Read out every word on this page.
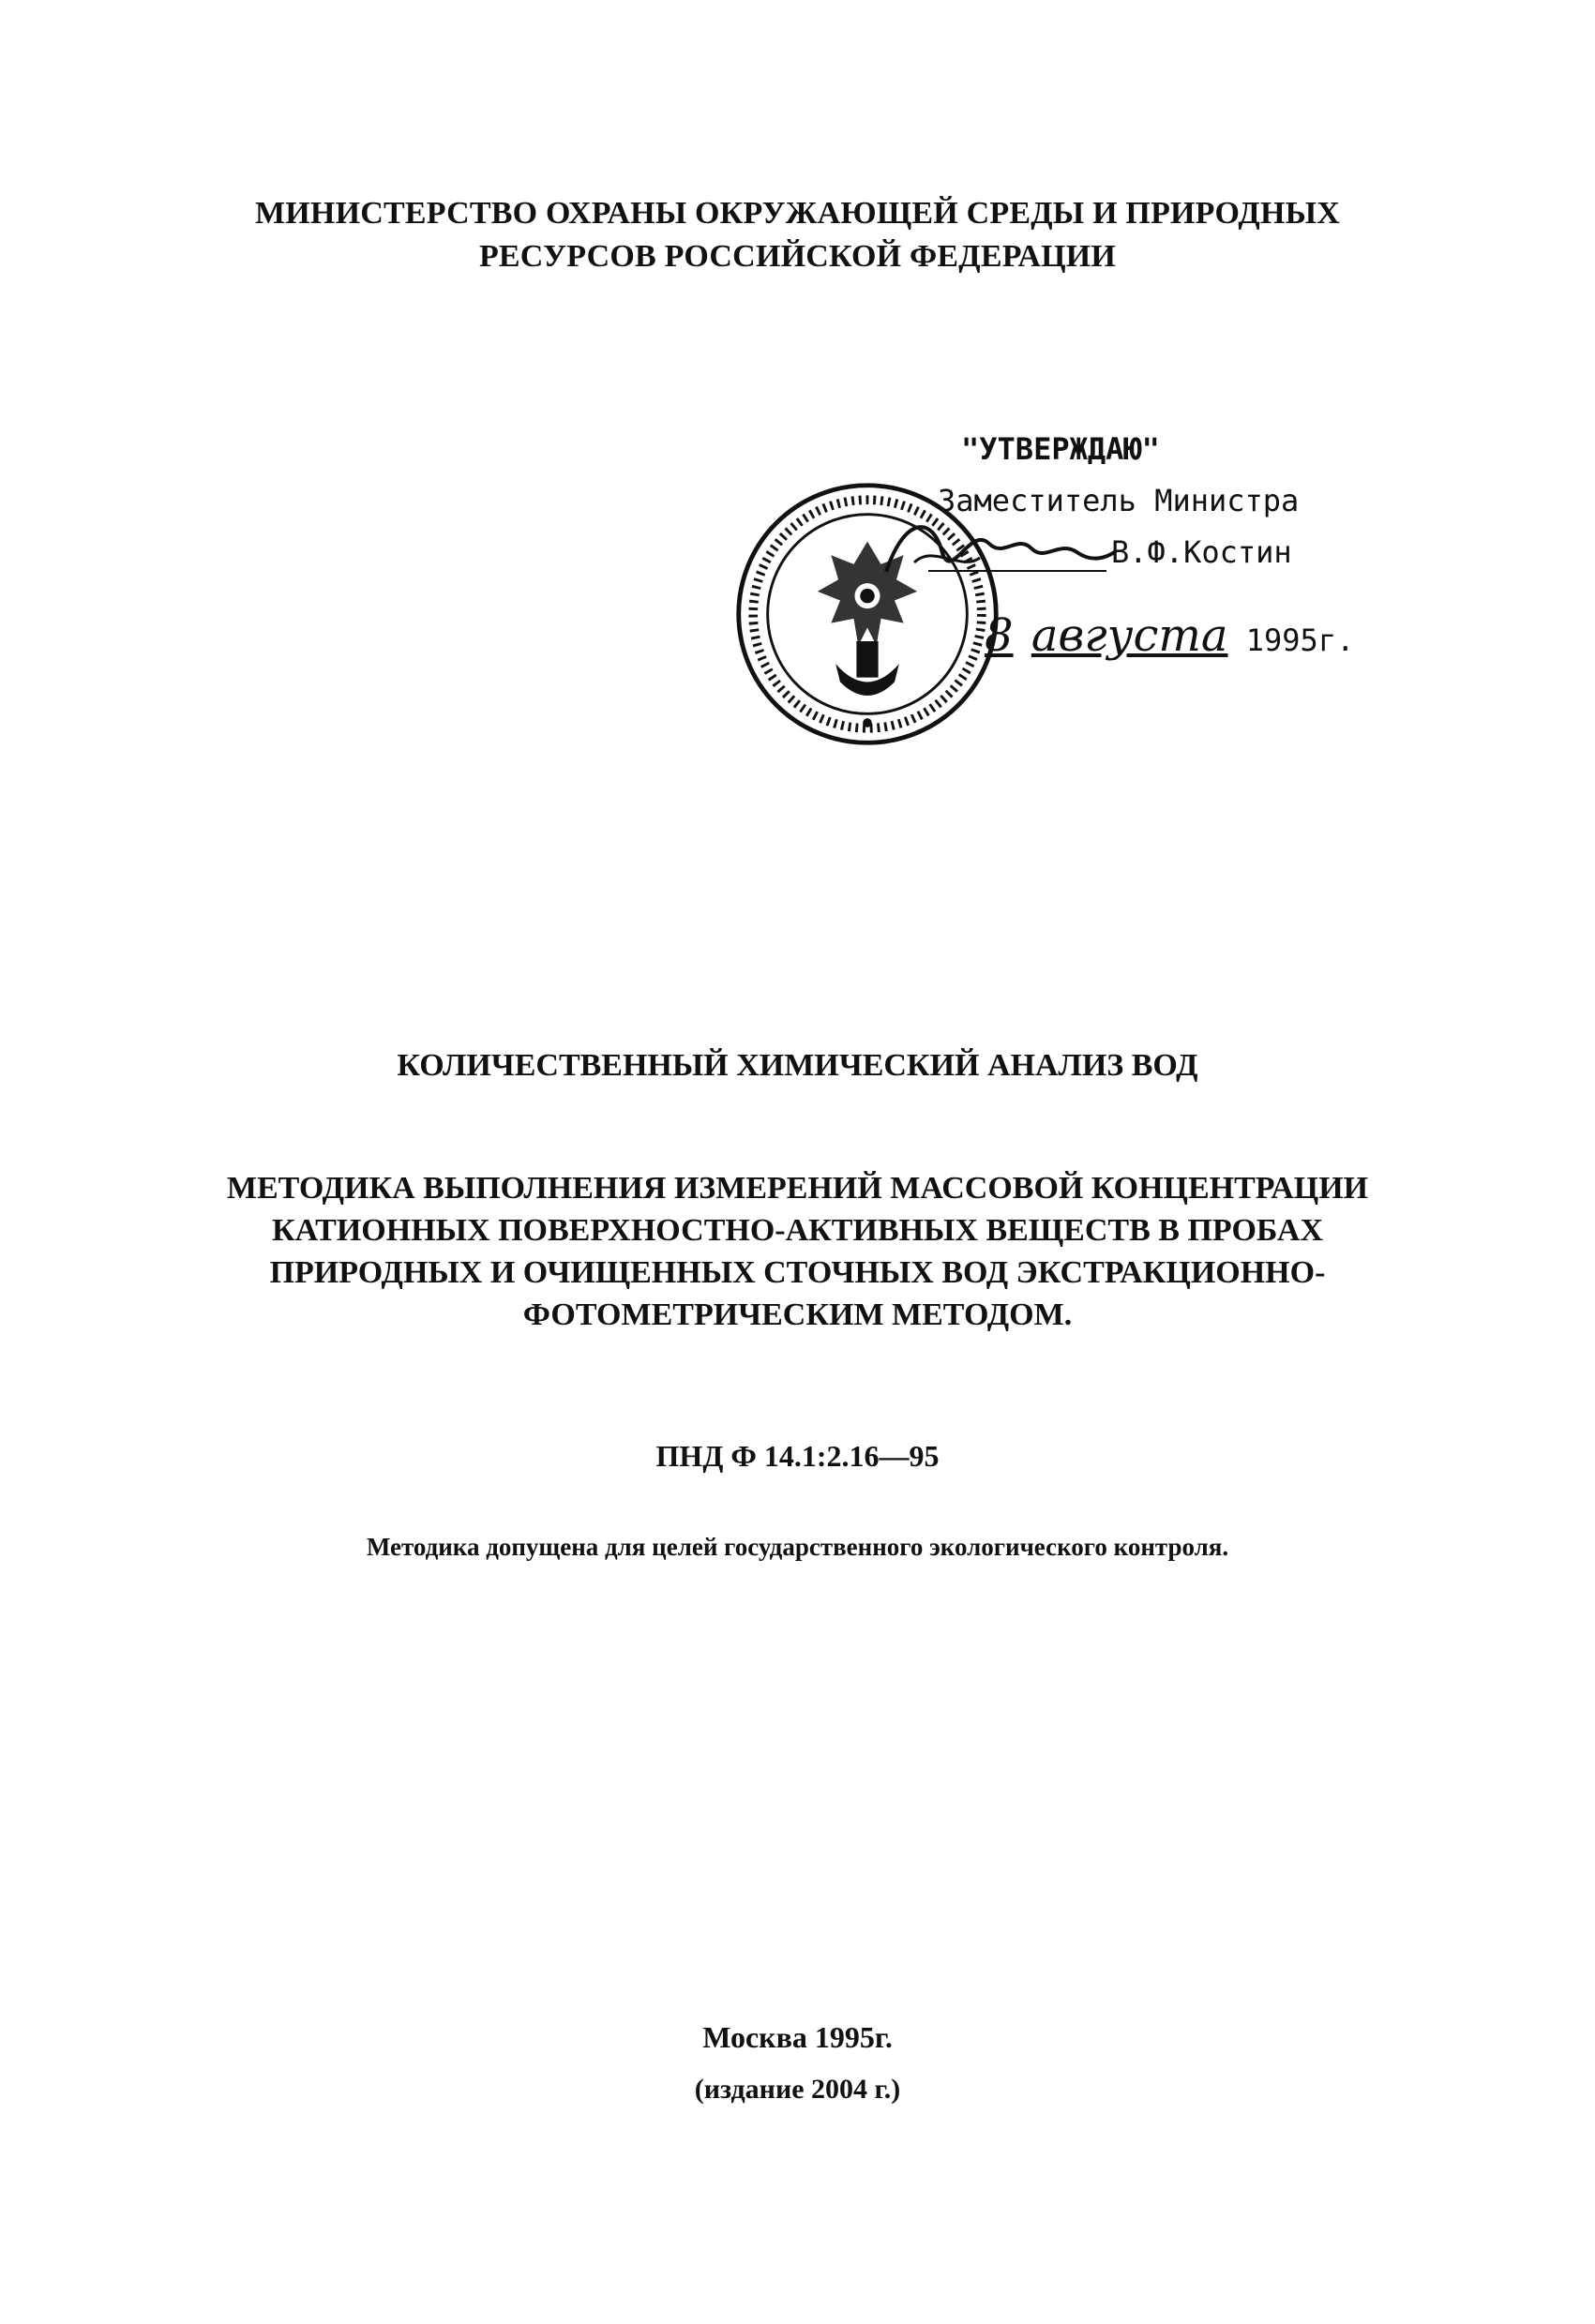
МИНИСТЕРСТВО ОХРАНЫ ОКРУЖАЮЩЕЙ СРЕДЫ И ПРИРОДНЫХ
РЕСУРСОВ РОССИЙСКОЙ ФЕДЕРАЦИИ
"УТВЕРЖДАЮ"
Заместитель Министра
В.Ф.Костин
8 августа 1995г.
КОЛИЧЕСТВЕННЫЙ ХИМИЧЕСКИЙ АНАЛИЗ ВОД
МЕТОДИКА ВЫПОЛНЕНИЯ ИЗМЕРЕНИЙ МАССОВОЙ КОНЦЕНТРАЦИИ
КАТИОННЫХ ПОВЕРХНОСТНО-АКТИВНЫХ ВЕЩЕСТВ В ПРОБАХ
ПРИРОДНЫХ И ОЧИЩЕННЫХ СТОЧНЫХ ВОД ЭКСТРАКЦИОННО-
ФОТОМЕТРИЧЕСКИМ МЕТОДОМ.
ПНД Ф 14.1:2.16—95
Методика допущена для целей государственного экологического контроля.
Москва 1995г.
(издание 2004 г.)
